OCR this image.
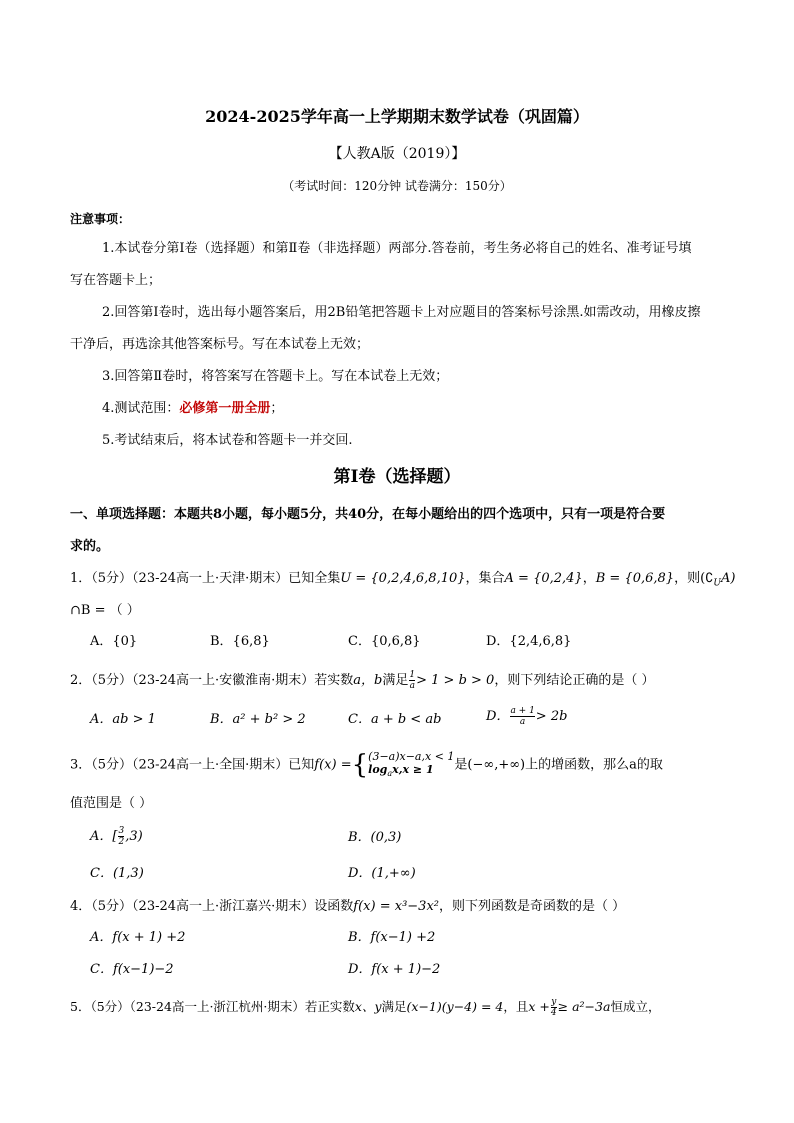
2024-2025学年高一上学期期末数学试卷（巩固篇）
【人教A版（2019）】
（考试时间：120分钟 试卷满分：150分）
注意事项：
1.本试卷分第Ⅰ卷（选择题）和第Ⅱ卷（非选择题）两部分.答卷前，考生务必将自己的姓名、准考证号填
写在答题卡上；
2.回答第Ⅰ卷时，选出每小题答案后，用2B铅笔把答题卡上对应题目的答案标号涂黑.如需改动，用橡皮擦
干净后，再选涂其他答案标号。写在本试卷上无效；
3.回答第Ⅱ卷时，将答案写在答题卡上。写在本试卷上无效；
4.测试范围：必修第一册全册；
5.考试结束后，将本试卷和答题卡一并交回.
第Ⅰ卷（选择题）
一、单项选择题：本题共8小题，每小题5分，共40分，在每小题给出的四个选项中，只有一项是符合要
求的。
1．（5分）（23-24高一上·天津·期末）已知全集U = {0,2,4,6,8,10}，集合A = {0,2,4}，B = {0,6,8}，则$(∁_UA)$
∩B = （ ）
A．{0}	B．{6,8}	C．{0,6,8}	D．{2,4,6,8}
2．（5分）（23-24高一上·安徽淮南·期末）若实数a，b满足 $\frac{1}{a} > 1 > b > 0$，则下列结论正确的是（ ）
A．ab > 1	B．a² + b² > 2	C．a + b < ab	D． $\frac{a + 1}{a} > 2b$
3．（5分）（23-24高一上·全国·期末）已知f(x) ={ (3−a)x−a,x < 1
$\log_ax,x \ge 1$	是(−∞,+∞)上的增函数，那么a的取
值范围是（ ）
A．[ $\frac{3}{2} ,3$)	B．(0,3)
C．(1,3)	D．(1,+∞)
4．（5分）（23-24高一上·浙江嘉兴·期末）设函数f(x) = x³−3x²，则下列函数是奇函数的是（ ）
A．f(x + 1) +2	B．f(x−1) +2
C．f(x−1)−2	D．f(x + 1)−2
5．（5分）（23-24高一上·浙江杭州·期末）若正实数x、y满足(x−1)(y−4) = 4，且$x + \frac{y}{4} \ge a^2-3a$恒成立，
